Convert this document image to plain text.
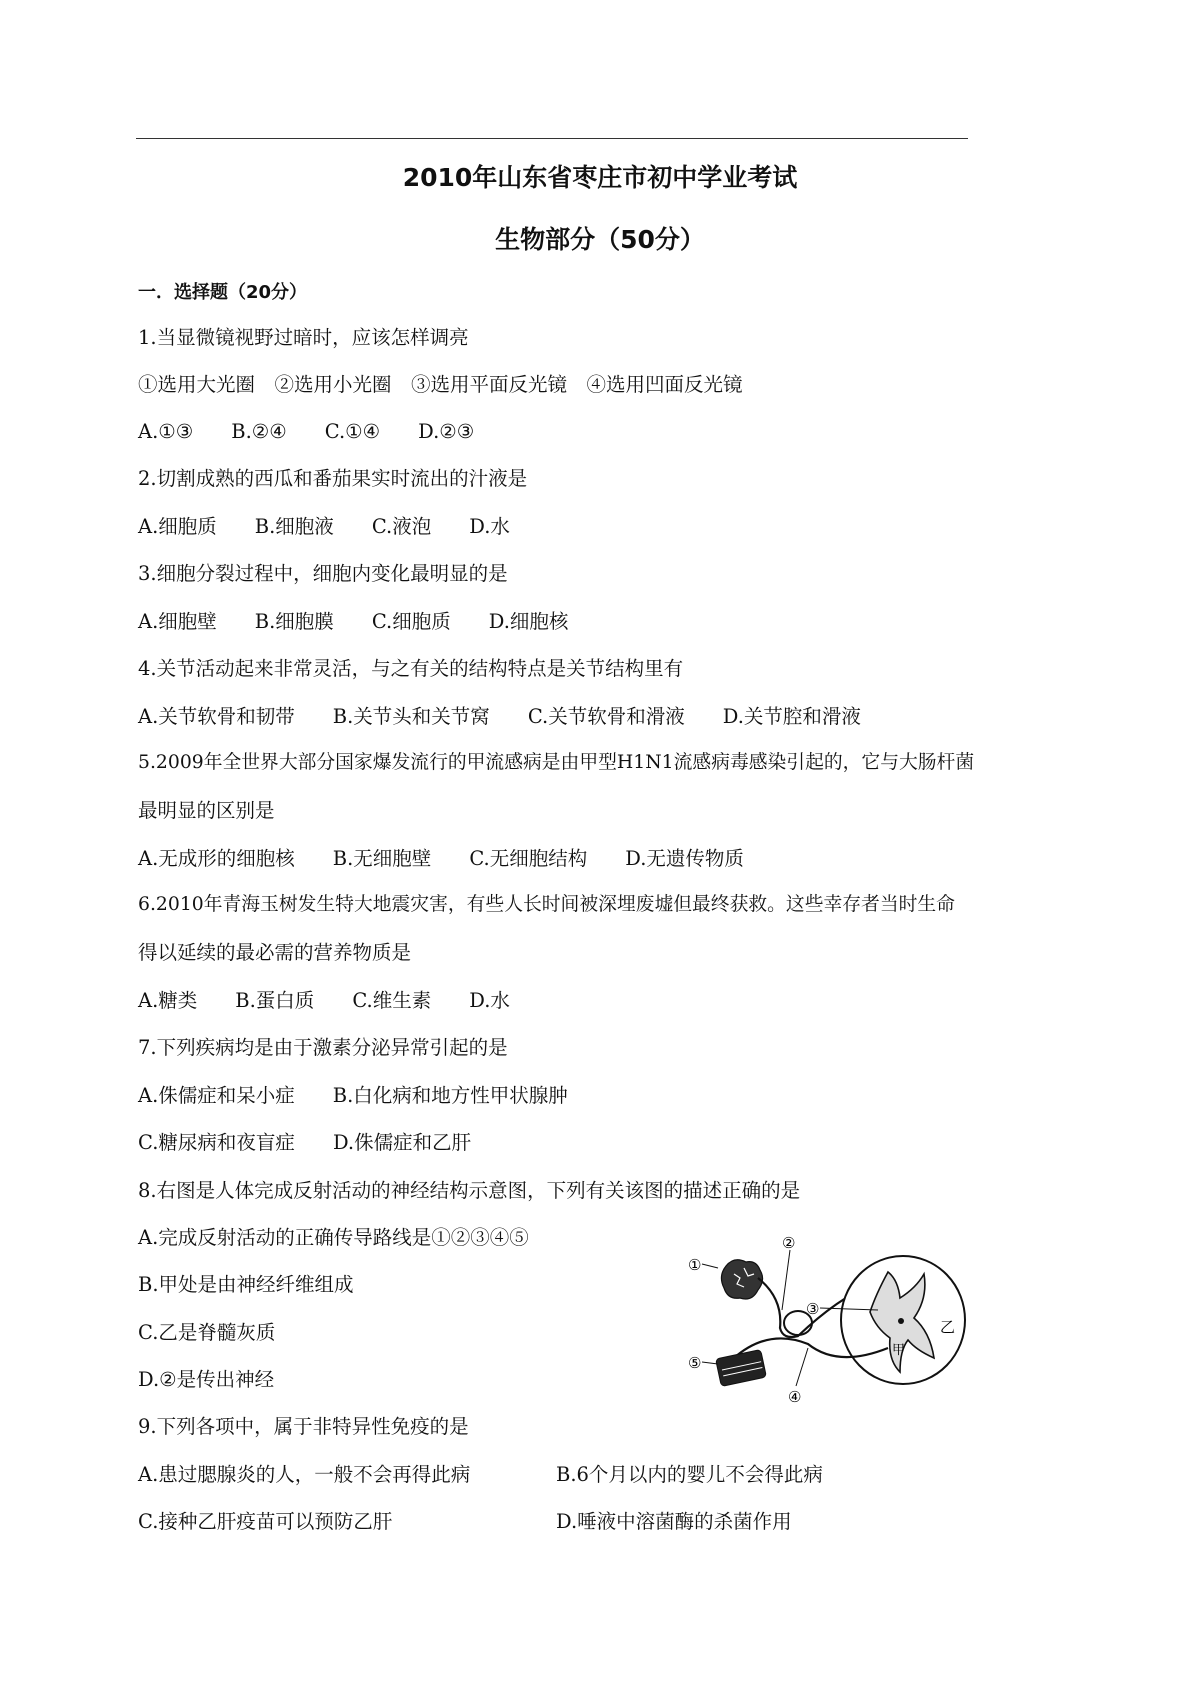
2010年山东省枣庄市初中学业考试
生物部分（50分）
一．选择题（20分）
1.当显微镜视野过暗时，应该怎样调亮
①选用大光圈　②选用小光圈　③选用平面反光镜　④选用凹面反光镜
A.①③ B.②④ C.①④ D.②③
2.切割成熟的西瓜和番茄果实时流出的汁液是
A.细胞质 B.细胞液 C.液泡 D.水
3.细胞分裂过程中，细胞内变化最明显的是
A.细胞壁 B.细胞膜 C.细胞质 D.细胞核
4.关节活动起来非常灵活，与之有关的结构特点是关节结构里有
A.关节软骨和韧带 B.关节头和关节窝 C.关节软骨和滑液 D.关节腔和滑液
5.2009年全世界大部分国家爆发流行的甲流感病是由甲型H1N1流感病毒感染引起的，它与大肠杆菌
最明显的区别是
A.无成形的细胞核 B.无细胞壁 C.无细胞结构 D.无遗传物质
6.2010年青海玉树发生特大地震灾害，有些人长时间被深埋废墟但最终获救。这些幸存者当时生命
得以延续的最必需的营养物质是
A.糖类 B.蛋白质 C.维生素 D.水
7.下列疾病均是由于激素分泌异常引起的是
A.侏儒症和呆小症 B.白化病和地方性甲状腺肿
C.糖尿病和夜盲症 D.侏儒症和乙肝
8.右图是人体完成反射活动的神经结构示意图，下列有关该图的描述正确的是
A.完成反射活动的正确传导路线是①②③④⑤
B.甲处是由神经纤维组成
C.乙是脊髓灰质
D.②是传出神经
①
②
③
④
⑤
甲
乙
9.下列各项中，属于非特异性免疫的是
A.患过腮腺炎的人，一般不会再得此病	B.6个月以内的婴儿不会得此病
C.接种乙肝疫苗可以预防乙肝	D.唾液中溶菌酶的杀菌作用
